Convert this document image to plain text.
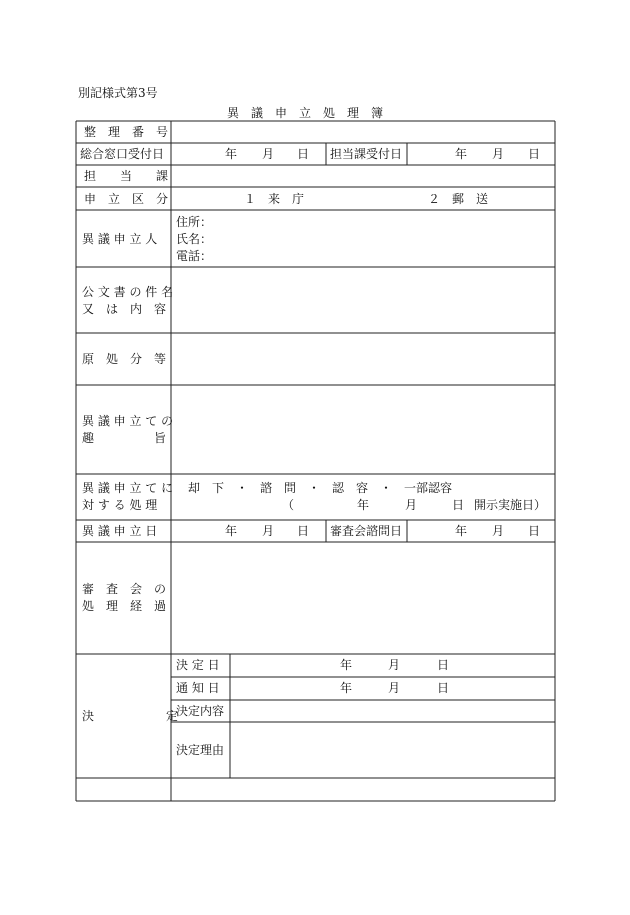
別記様式第3号
異　議　申　立　処　理　簿
整　理　番　号
総合窓口受付日	年 月 日 担当課受付日	年 月 日
担　　当　　課
申　立　区　分	１　来　庁	２　郵　送
異 議 申 立 人
住所：
氏名：
電話：
公 文 書 の 件 名
又　は　内　容
原　処　分　等
異 議 申 立 て の
趣　　　　　旨
異 議 申 立 て に
対 す る 処 理
却　下　・　諮　問　・　認　容　・　一部認容
（	年	月	日 開示実施日）
異 議 申 立 日	年 月 日 審査会諮問日	年 月 日
審　査　会　の
処　理　経　過
決　　　　　　定
決 定 日	年	月	日
通 知 日	年	月	日
決定内容
決定理由
